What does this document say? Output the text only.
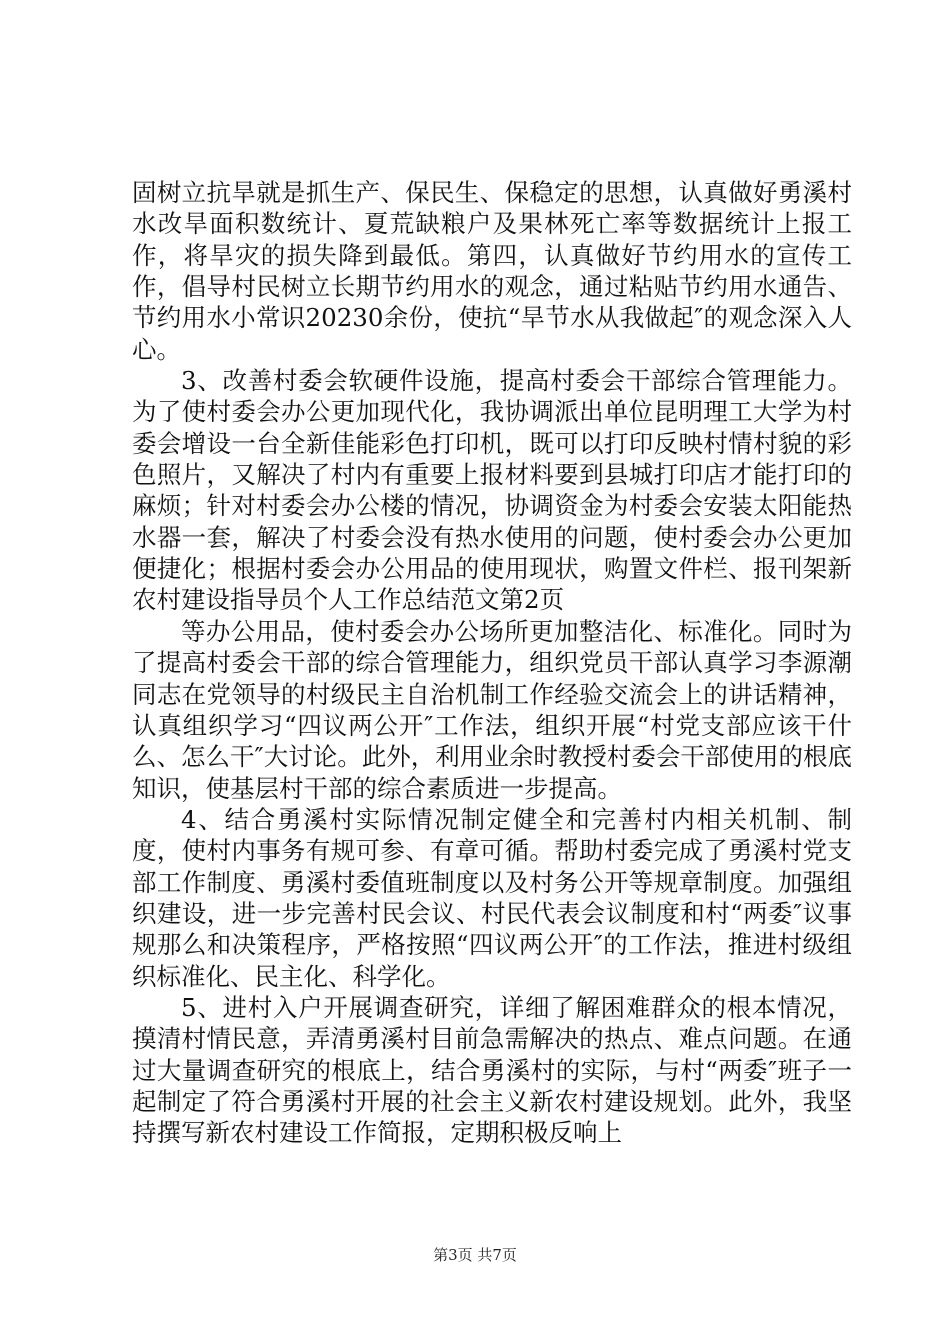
固树立抗旱就是抓生产、保民生、保稳定的思想，认真做好勇溪村水改旱面积数统计、夏荒缺粮户及果林死亡率等数据统计上报工作，将旱灾的损失降到最低。第四，认真做好节约用水的宣传工作，倡导村民树立长期节约用水的观念，通过粘贴节约用水通告、节约用水小常识20230余份，使抗“旱节水从我做起″的观念深入人心。

3、改善村委会软硬件设施，提高村委会干部综合管理能力。为了使村委会办公更加现代化，我协调派出单位昆明理工大学为村委会增设一台全新佳能彩色打印机，既可以打印反映村情村貌的彩色照片，又解决了村内有重要上报材料要到县城打印店才能打印的麻烦；针对村委会办公楼的情况，协调资金为村委会安装太阳能热水器一套，解决了村委会没有热水使用的问题，使村委会办公更加便捷化；根据村委会办公用品的使用现状，购置文件栏、报刊架新农村建设指导员个人工作总结范文第2页

等办公用品，使村委会办公场所更加整洁化、标准化。同时为了提高村委会干部的综合管理能力，组织党员干部认真学习李源潮同志在党领导的村级民主自治机制工作经验交流会上的讲话精神，认真组织学习“四议两公开″工作法，组织开展“村党支部应该干什么、怎么干″大讨论。此外，利用业余时教授村委会干部使用的根底知识，使基层村干部的综合素质进一步提高。

4、结合勇溪村实际情况制定健全和完善村内相关机制、制度，使村内事务有规可参、有章可循。帮助村委完成了勇溪村党支部工作制度、勇溪村委值班制度以及村务公开等规章制度。加强组织建设，进一步完善村民会议、村民代表会议制度和村“两委″议事规那么和决策程序，严格按照“四议两公开″的工作法，推进村级组织标准化、民主化、科学化。

5、进村入户开展调查研究，详细了解困难群众的根本情况，摸清村情民意，弄清勇溪村目前急需解决的热点、难点问题。在通过大量调查研究的根底上，结合勇溪村的实际，与村“两委″班子一起制定了符合勇溪村开展的社会主义新农村建设规划。此外，我坚持撰写新农村建设工作简报，定期积极反响上

第3页 共7页
